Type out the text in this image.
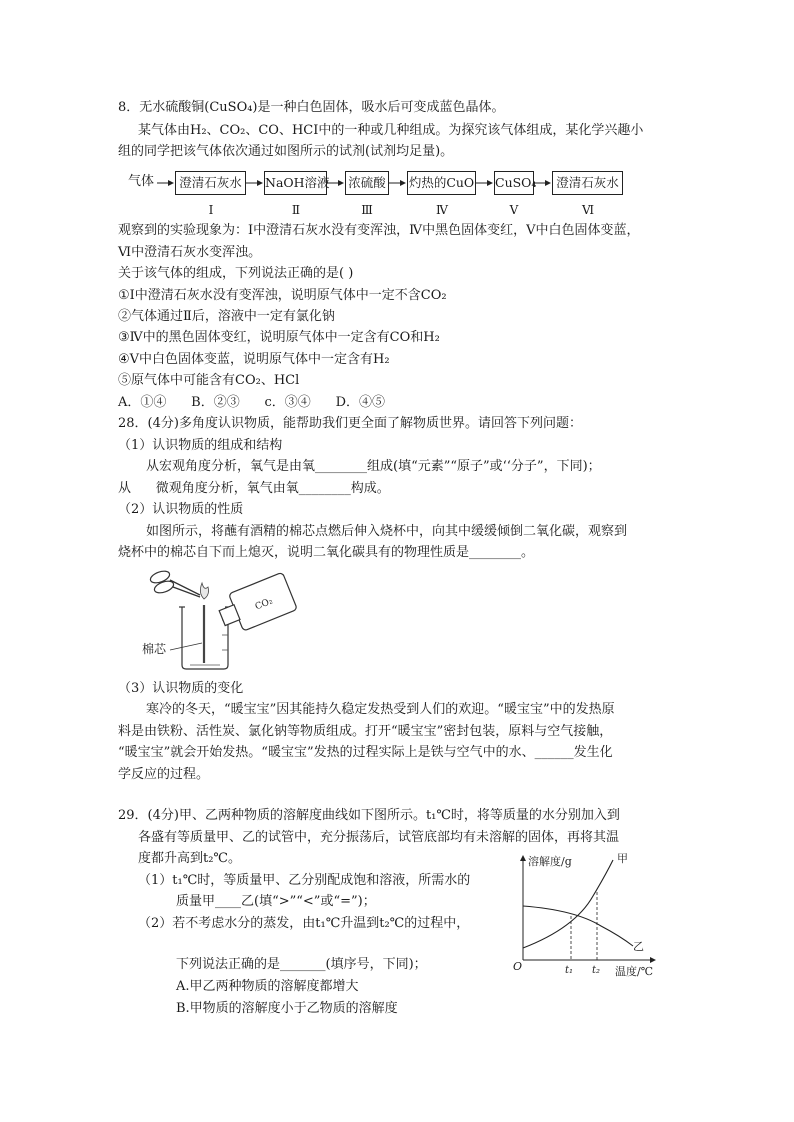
8．无水硫酸铜(CuSO₄)是一种白色固体，吸水后可变成蓝色晶体。
某气体由H₂、CO₂、CO、HCI中的一种或几种组成。为探究该气体组成，某化学兴趣小
组的同学把该气体依次通过如图所示的试剂(试剂均足量)。
气体	澄清石灰水	NaOH溶液 浓硫酸 灼热的CuO CuSO₄	澄清石灰水
Ⅰ	Ⅱ	Ⅲ	Ⅳ	Ⅴ	Ⅵ
观察到的实验现象为：I中澄清石灰水没有变浑浊，Ⅳ中黑色固体变红，V中白色固体变蓝，
Ⅵ中澄清石灰水变浑浊。
关于该气体的组成，下列说法正确的是( )
①I中澄清石灰水没有变浑浊，说明原气体中一定不含CO₂
②气体通过Ⅱ后，溶液中一定有氯化钠
③Ⅳ中的黑色固体变红，说明原气体中一定含有CO和H₂
④V中白色固体变蓝，说明原气体中一定含有H₂
⑤原气体中可能含有CO₂、HCl
A．①④      B．②③      c．③④      D．④⑤
28．(4分)多角度认识物质，能帮助我们更全面了解物质世界。请回答下列问题：
（1）认识物质的组成和结构
从宏观角度分析，氧气是由氧________组成(填“元素”“原子”或‘‘分子”，下同)；
从      微观角度分析，氧气由氧________构成。
（2）认识物质的性质
如图所示，将蘸有酒精的棉芯点燃后伸入烧杯中，向其中缓缓倾倒二氧化碳，观察到
烧杯中的棉芯自下而上熄灭，说明二氧化碳具有的物理性质是________。
CO₂
棉芯
（3）认识物质的变化
寒冷的冬天，“暖宝宝”因其能持久稳定发热受到人们的欢迎。“暖宝宝”中的发热原
料是由铁粉、活性炭、氯化钠等物质组成。打开“暖宝宝”密封包装，原料与空气接触，
“暖宝宝”就会开始发热。“暖宝宝”发热的过程实际上是铁与空气中的水、______发生化
学反应的过程。
29．(4分)甲、乙两种物质的溶解度曲线如下图所示。t₁℃时，将等质量的水分别加入到
各盛有等质量甲、乙的试管中，充分振荡后，试管底部均有未溶解的固体，再将其温
度都升高到t₂℃。
（1）t₁℃时，等质量甲、乙分别配成饱和溶液，所需水的
质量甲____乙(填“>”“<”或“=”)；
（2）若不考虑水分的蒸发，由t₁℃升温到t₂℃的过程中，
下列说法正确的是_______(填序号，下同)；
A.甲乙两种物质的溶解度都增大
B.甲物质的溶解度小于乙物质的溶解度
溶解度/g
温度/℃
O
甲
乙
t₁ t₂
